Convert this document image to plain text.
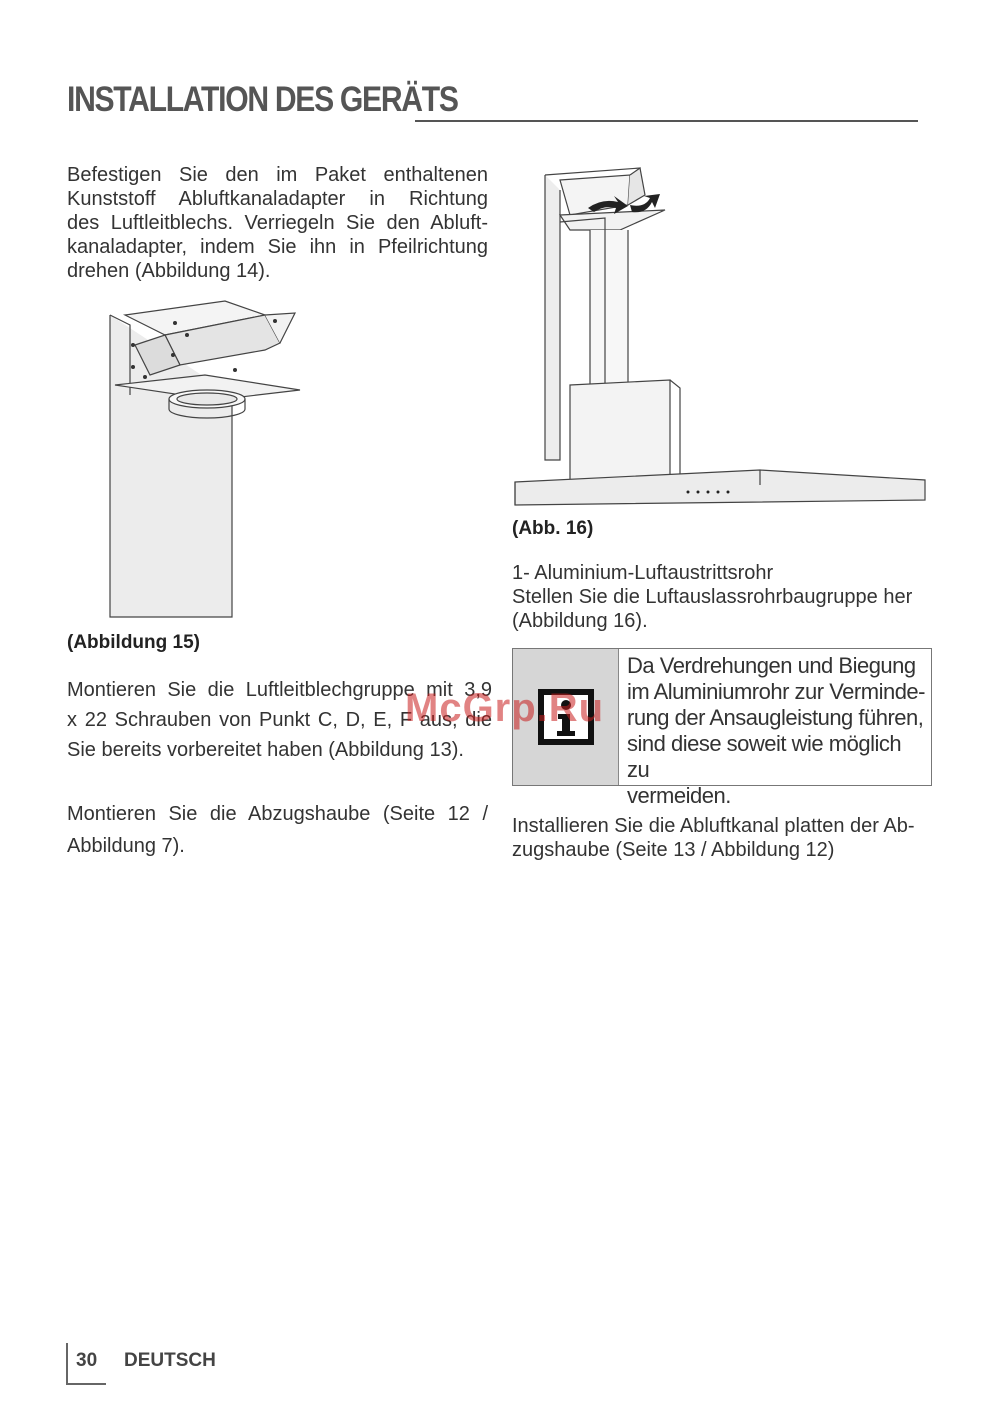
INSTALLATION DES GERÄTS
Befestigen Sie den im Paket enthaltenen
Kunststoff Abluftkanaladapter in Richtung
des Luftleitblechs. Verriegeln Sie den Abluft-
kanaladapter, indem Sie ihn in Pfeilrichtung
drehen (Abbildung 14).
(Abbildung 15)
Montieren Sie die Luftleitblechgruppe mit 3,9
x 22 Schrauben von Punkt C, D, E, F aus, die
Sie bereits vorbereitet haben (Abbildung 13).
Montieren Sie die Abzugshaube (Seite 12 /
Abbildung 7).
(Abb. 16)
1- Aluminium-Luftaustrittsrohr
Stellen Sie die Luftauslassrohrbaugruppe her
(Abbildung 16).
Da Verdrehungen und Biegung
im Aluminiumrohr zur Verminde-
rung der Ansaugleistung führen,
sind diese soweit wie möglich zu
vermeiden.
Installieren Sie die Abluftkanal platten der Ab-
zugshaube (Seite 13 / Abbildung 12)
McGrp.Ru
30 DEUTSCH
